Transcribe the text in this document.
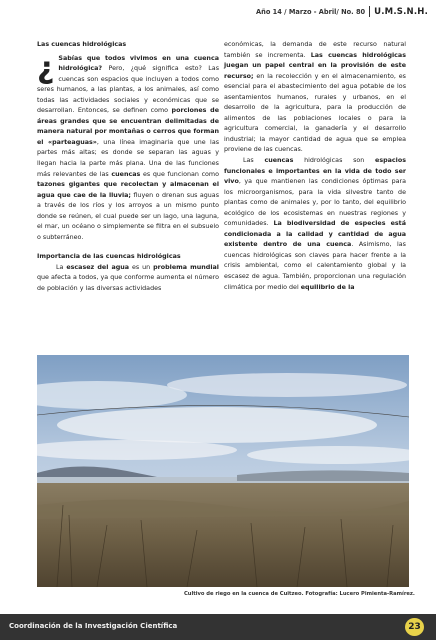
Año 14 / Marzo - Abril/ No. 80 U.M.S.N.H.

Las cuencas hidrológicas

¿ Sabías que todos vivimos en una cuenca hidrológica? Pero, ¿qué significa esto? Las cuencas son espacios que incluyen a todos como seres humanos, a las plantas, a los animales, así como todas las actividades sociales y económicas que se desarrollan. Entonces, se definen como porciones de áreas grandes que se encuentran delimitadas de manera natural por montañas o cerros que forman el «parteaguas», una línea imaginaria que une las partes más altas; es donde se separan las aguas y llegan hacia la parte más plana. Una de las funciones más relevantes de las cuencas es que funcionan como tazones gigantes que recolectan y almacenan el agua que cae de la lluvia; fluyen o drenan sus aguas a través de los ríos y los arroyos a un mismo punto donde se reúnen, el cual puede ser un lago, una laguna, el mar, un océano o simplemente se filtra en el subsuelo o subterráneo.

Importancia de las cuencas hidrológicas

La escasez del agua es un problema mundial que afecta a todos, ya que conforme aumenta el número de población y las diversas actividades

económicas, la demanda de este recurso natural también se incrementa. Las cuencas hidrológicas juegan un papel central en la provisión de este recurso; en la recolección y en el almacenamiento, es esencial para el abastecimiento del agua potable de los asentamientos humanos, rurales y urbanos, en el desarrollo de la agricultura, para la producción de alimentos de las poblaciones locales o para la agricultura comercial, la ganadería y el desarrollo industrial; la mayor cantidad de agua que se emplea proviene de las cuencas.

Las cuencas hidrológicas son espacios funcionales e importantes en la vida de todo ser vivo, ya que mantienen las condiciones óptimas para los microorganismos, para la vida silvestre tanto de plantas como de animales y, por lo tanto, del equilibrio ecológico de los ecosistemas en nuestras regiones y comunidades. La biodiversidad de especies está condicionada a la calidad y cantidad de agua existente dentro de una cuenca. Asimismo, las cuencas hidrológicas son claves para hacer frente a la crisis ambiental, como el calentamiento global y la escasez de agua. También, proporcionan una regulación climática por medio del equilibrio de la

Cultivo de riego en la cuenca de Cuitzeo. Fotografía: Lucero Pimienta-Ramírez.
Coordinación de la Investigación Científica	23
